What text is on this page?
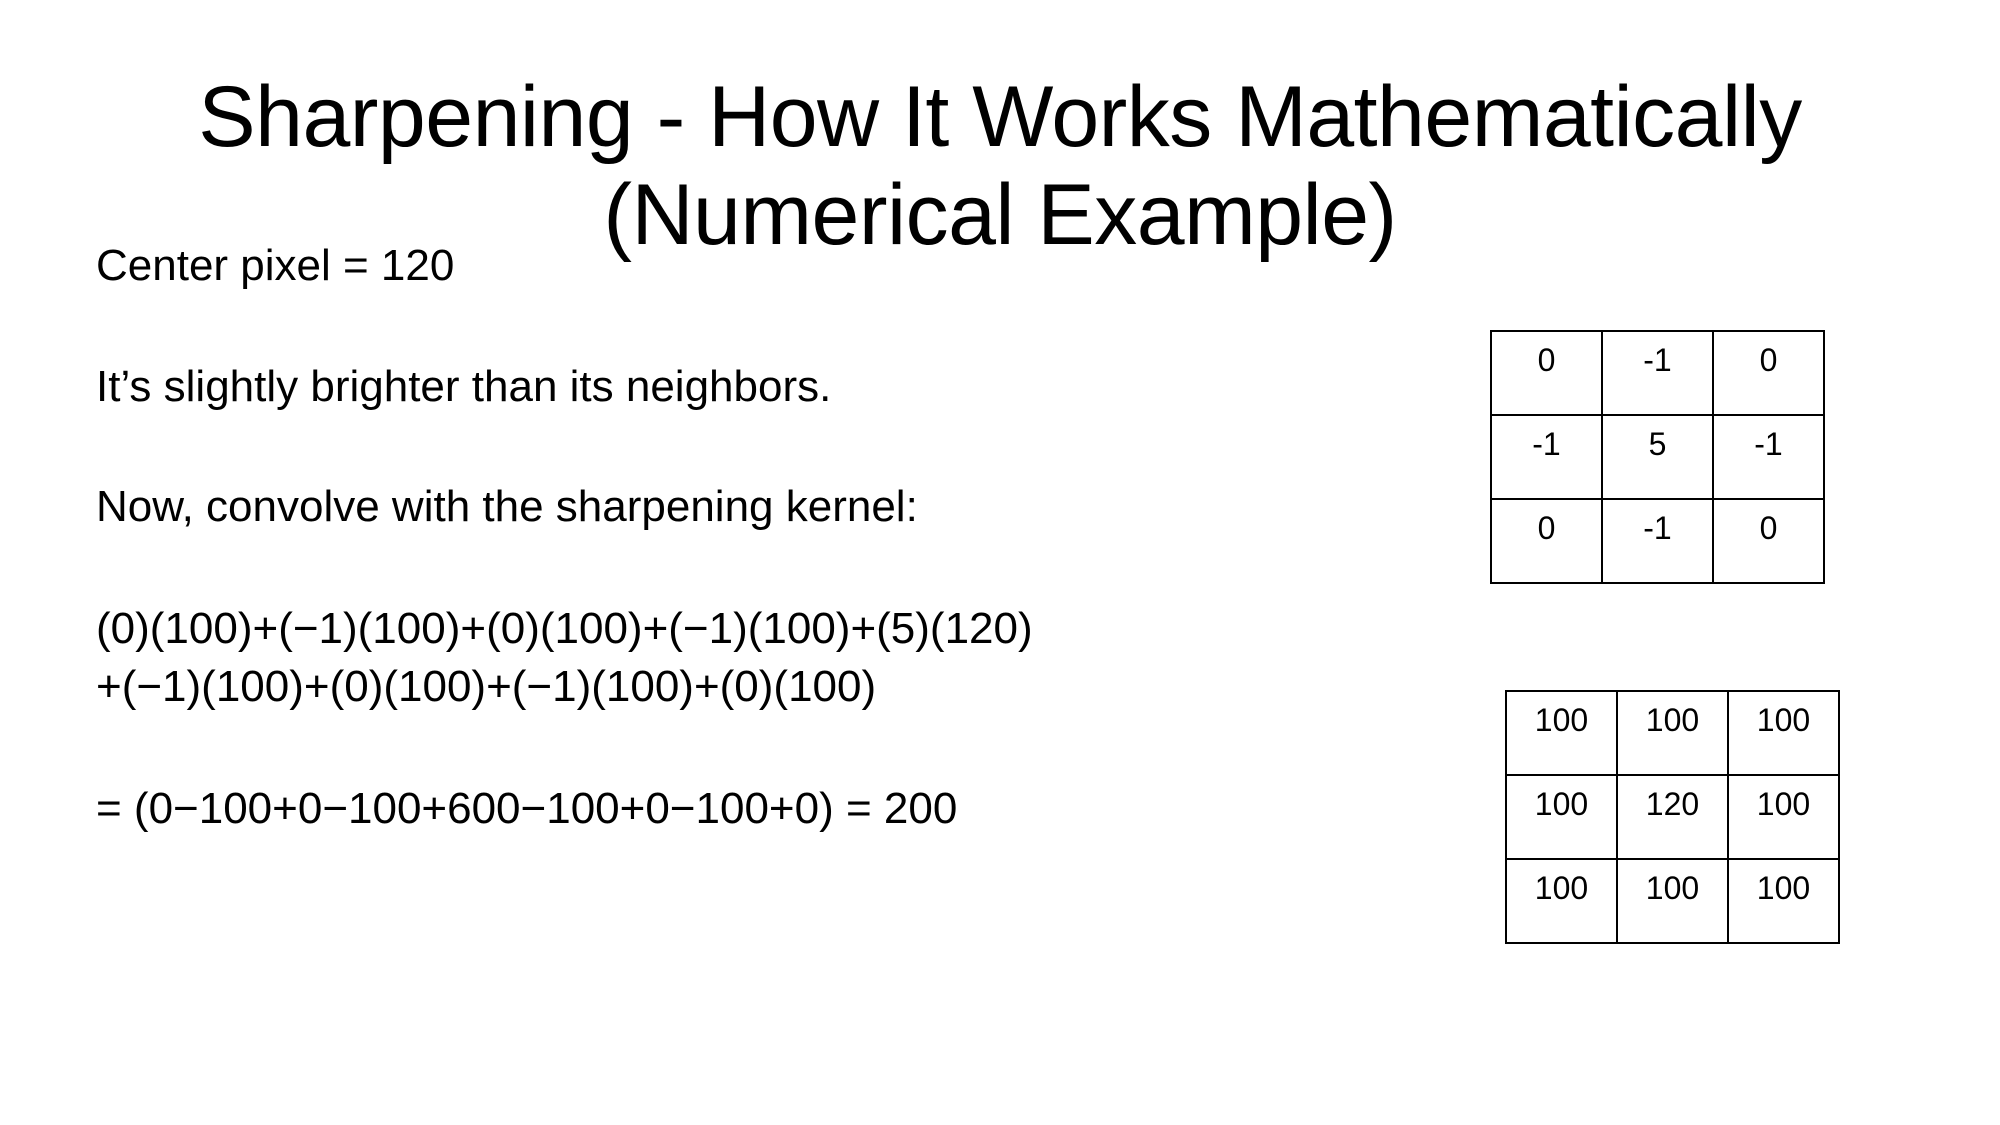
Sharpening - How It Works Mathematically
(Numerical Example)
Center pixel = 120
It’s slightly brighter than its neighbors.
Now, convolve with the sharpening kernel:
(0)(100)+(−1)(100)+(0)(100)+(−1)(100)+(5)(120)
+(−1)(100)+(0)(100)+(−1)(100)+(0)(100)
= (0−100+0−100+600−100+0−100+0) = 200
0	-1	0
-1	5	-1
0	-1	0
100	100	100
100	120	100
100	100	100
